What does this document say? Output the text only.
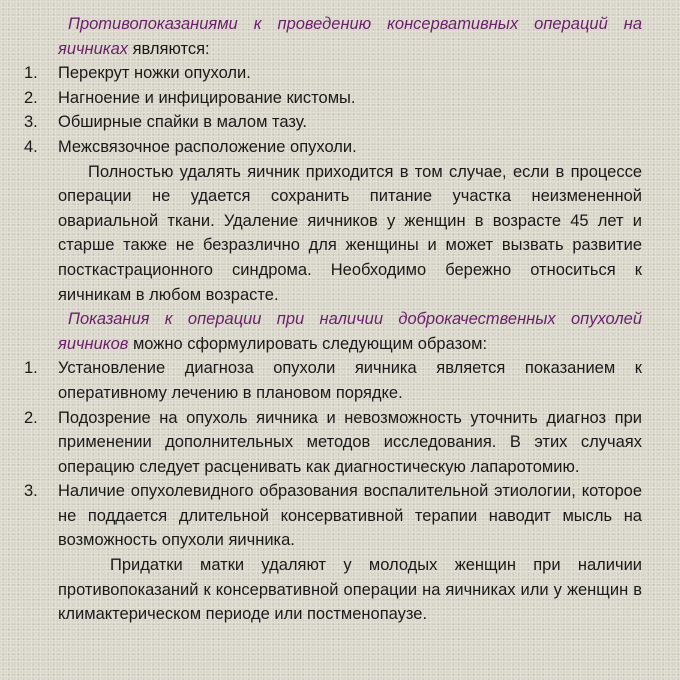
Противопоказаниями к проведению консервативных операций на яичниках являются:

1. Перекрут ножки опухоли.
2. Нагноение и инфицирование кистомы.
3. Обширные спайки в малом тазу.
4. Межсвязочное расположение опухоли.

Полностью удалять яичник приходится в том случае, если в процессе операции не удается сохранить питание участка неизмененной овариальной ткани. Удаление яичников у женщин в возрасте 45 лет и старше также не безразлично для женщины и может вызвать развитие посткастрационного синдрома. Необходимо бережно относиться к яичникам в любом возрасте.

Показания к операции при наличии доброкачественных опухолей яичников можно сформулировать следующим образом:

1. Установление диагноза опухоли яичника является показанием к оперативному лечению в плановом порядке.
2. Подозрение на опухоль яичника и невозможность уточнить диагноз при применении дополнительных методов исследования. В этих случаях операцию следует расценивать как диагностическую лапаротомию.
3. Наличие опухолевидного образования воспалительной этиологии, которое не поддается длительной консервативной терапии наводит мысль на возможность опухоли яичника.

Придатки матки удаляют у молодых женщин при наличии противопоказаний к консервативной операции на яичниках или у женщин в климактерическом периоде или постменопаузе.
